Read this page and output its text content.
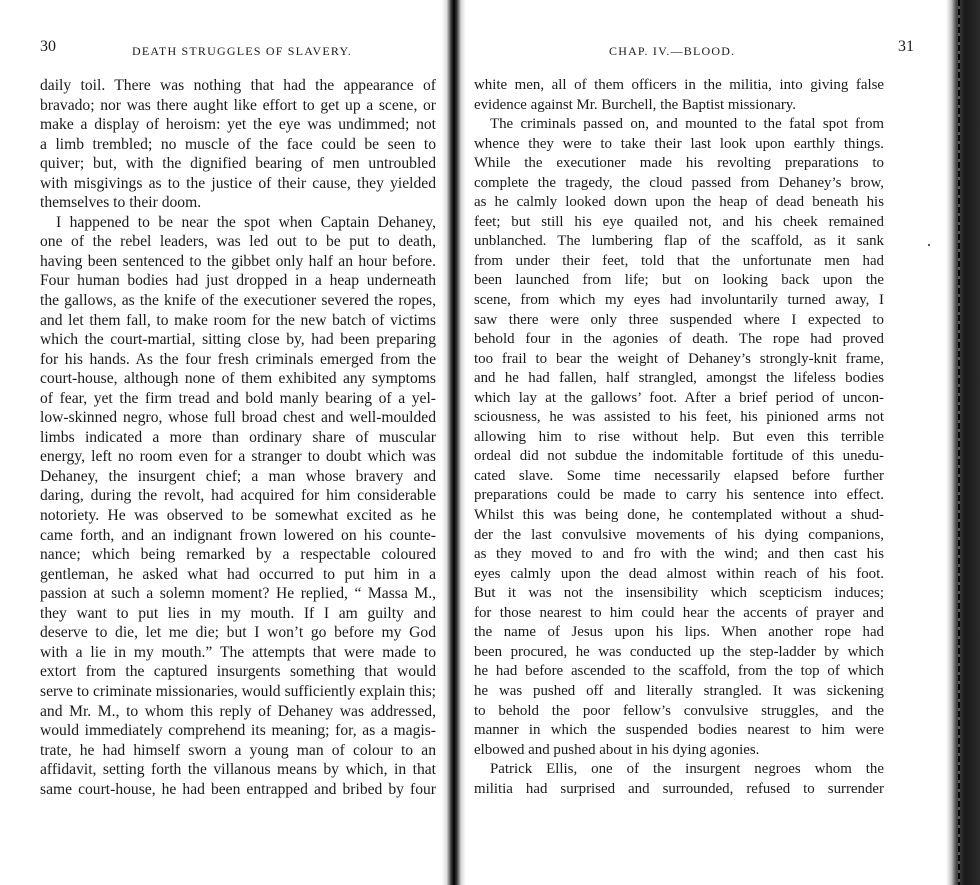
30	DEATH STRUGGLES OF SLAVERY.
daily toil. There was nothing that had the appearance of
bravado; nor was there aught like effort to get up a scene, or
make a display of heroism: yet the eye was undimmed; not
a limb trembled; no muscle of the face could be seen to
quiver; but, with the dignified bearing of men untroubled
with misgivings as to the justice of their cause, they yielded
themselves to their doom.
I happened to be near the spot when Captain Dehaney,
one of the rebel leaders, was led out to be put to death,
having been sentenced to the gibbet only half an hour before.
Four human bodies had just dropped in a heap underneath
the gallows, as the knife of the executioner severed the ropes,
and let them fall, to make room for the new batch of victims
which the court-martial, sitting close by, had been preparing
for his hands. As the four fresh criminals emerged from the
court-house, although none of them exhibited any symptoms
of fear, yet the firm tread and bold manly bearing of a yel-
low-skinned negro, whose full broad chest and well-moulded
limbs indicated a more than ordinary share of muscular
energy, left no room even for a stranger to doubt which was
Dehaney, the insurgent chief; a man whose bravery and
daring, during the revolt, had acquired for him considerable
notoriety. He was observed to be somewhat excited as he
came forth, and an indignant frown lowered on his counte-
nance; which being remarked by a respectable coloured
gentleman, he asked what had occurred to put him in a
passion at such a solemn moment? He replied, “ Massa M.,
they want to put lies in my mouth. If I am guilty and
deserve to die, let me die; but I won’t go before my God
with a lie in my mouth.” The attempts that were made to
extort from the captured insurgents something that would
serve to criminate missionaries, would sufficiently explain this;
and Mr. M., to whom this reply of Dehaney was addressed,
would immediately comprehend its meaning; for, as a magis-
trate, he had himself sworn a young man of colour to an
affidavit, setting forth the villanous means by which, in that
same court-house, he had been entrapped and bribed by four
CHAP. IV.—BLOOD.	31
white men, all of them officers in the militia, into giving false
evidence against Mr. Burchell, the Baptist missionary.
The criminals passed on, and mounted to the fatal spot from
whence they were to take their last look upon earthly things.
While the executioner made his revolting preparations to
complete the tragedy, the cloud passed from Dehaney’s brow,
as he calmly looked down upon the heap of dead beneath his
feet; but still his eye quailed not, and his cheek remained
unblanched. The lumbering flap of the scaffold, as it sank
from under their feet, told that the unfortunate men had
been launched from life; but on looking back upon the
scene, from which my eyes had involuntarily turned away, I
saw there were only three suspended where I expected to
behold four in the agonies of death. The rope had proved
too frail to bear the weight of Dehaney’s strongly-knit frame,
and he had fallen, half strangled, amongst the lifeless bodies
which lay at the gallows’ foot. After a brief period of uncon-
sciousness, he was assisted to his feet, his pinioned arms not
allowing him to rise without help. But even this terrible
ordeal did not subdue the indomitable fortitude of this unedu-
cated slave. Some time necessarily elapsed before further
preparations could be made to carry his sentence into effect.
Whilst this was being done, he contemplated without a shud-
der the last convulsive movements of his dying companions,
as they moved to and fro with the wind; and then cast his
eyes calmly upon the dead almost within reach of his foot.
But it was not the insensibility which scepticism induces;
for those nearest to him could hear the accents of prayer and
the name of Jesus upon his lips. When another rope had
been procured, he was conducted up the step-ladder by which
he had before ascended to the scaffold, from the top of which
he was pushed off and literally strangled. It was sickening
to behold the poor fellow’s convulsive struggles, and the
manner in which the suspended bodies nearest to him were
elbowed and pushed about in his dying agonies.
Patrick Ellis, one of the insurgent negroes whom the
militia had surprised and surrounded, refused to surrender
